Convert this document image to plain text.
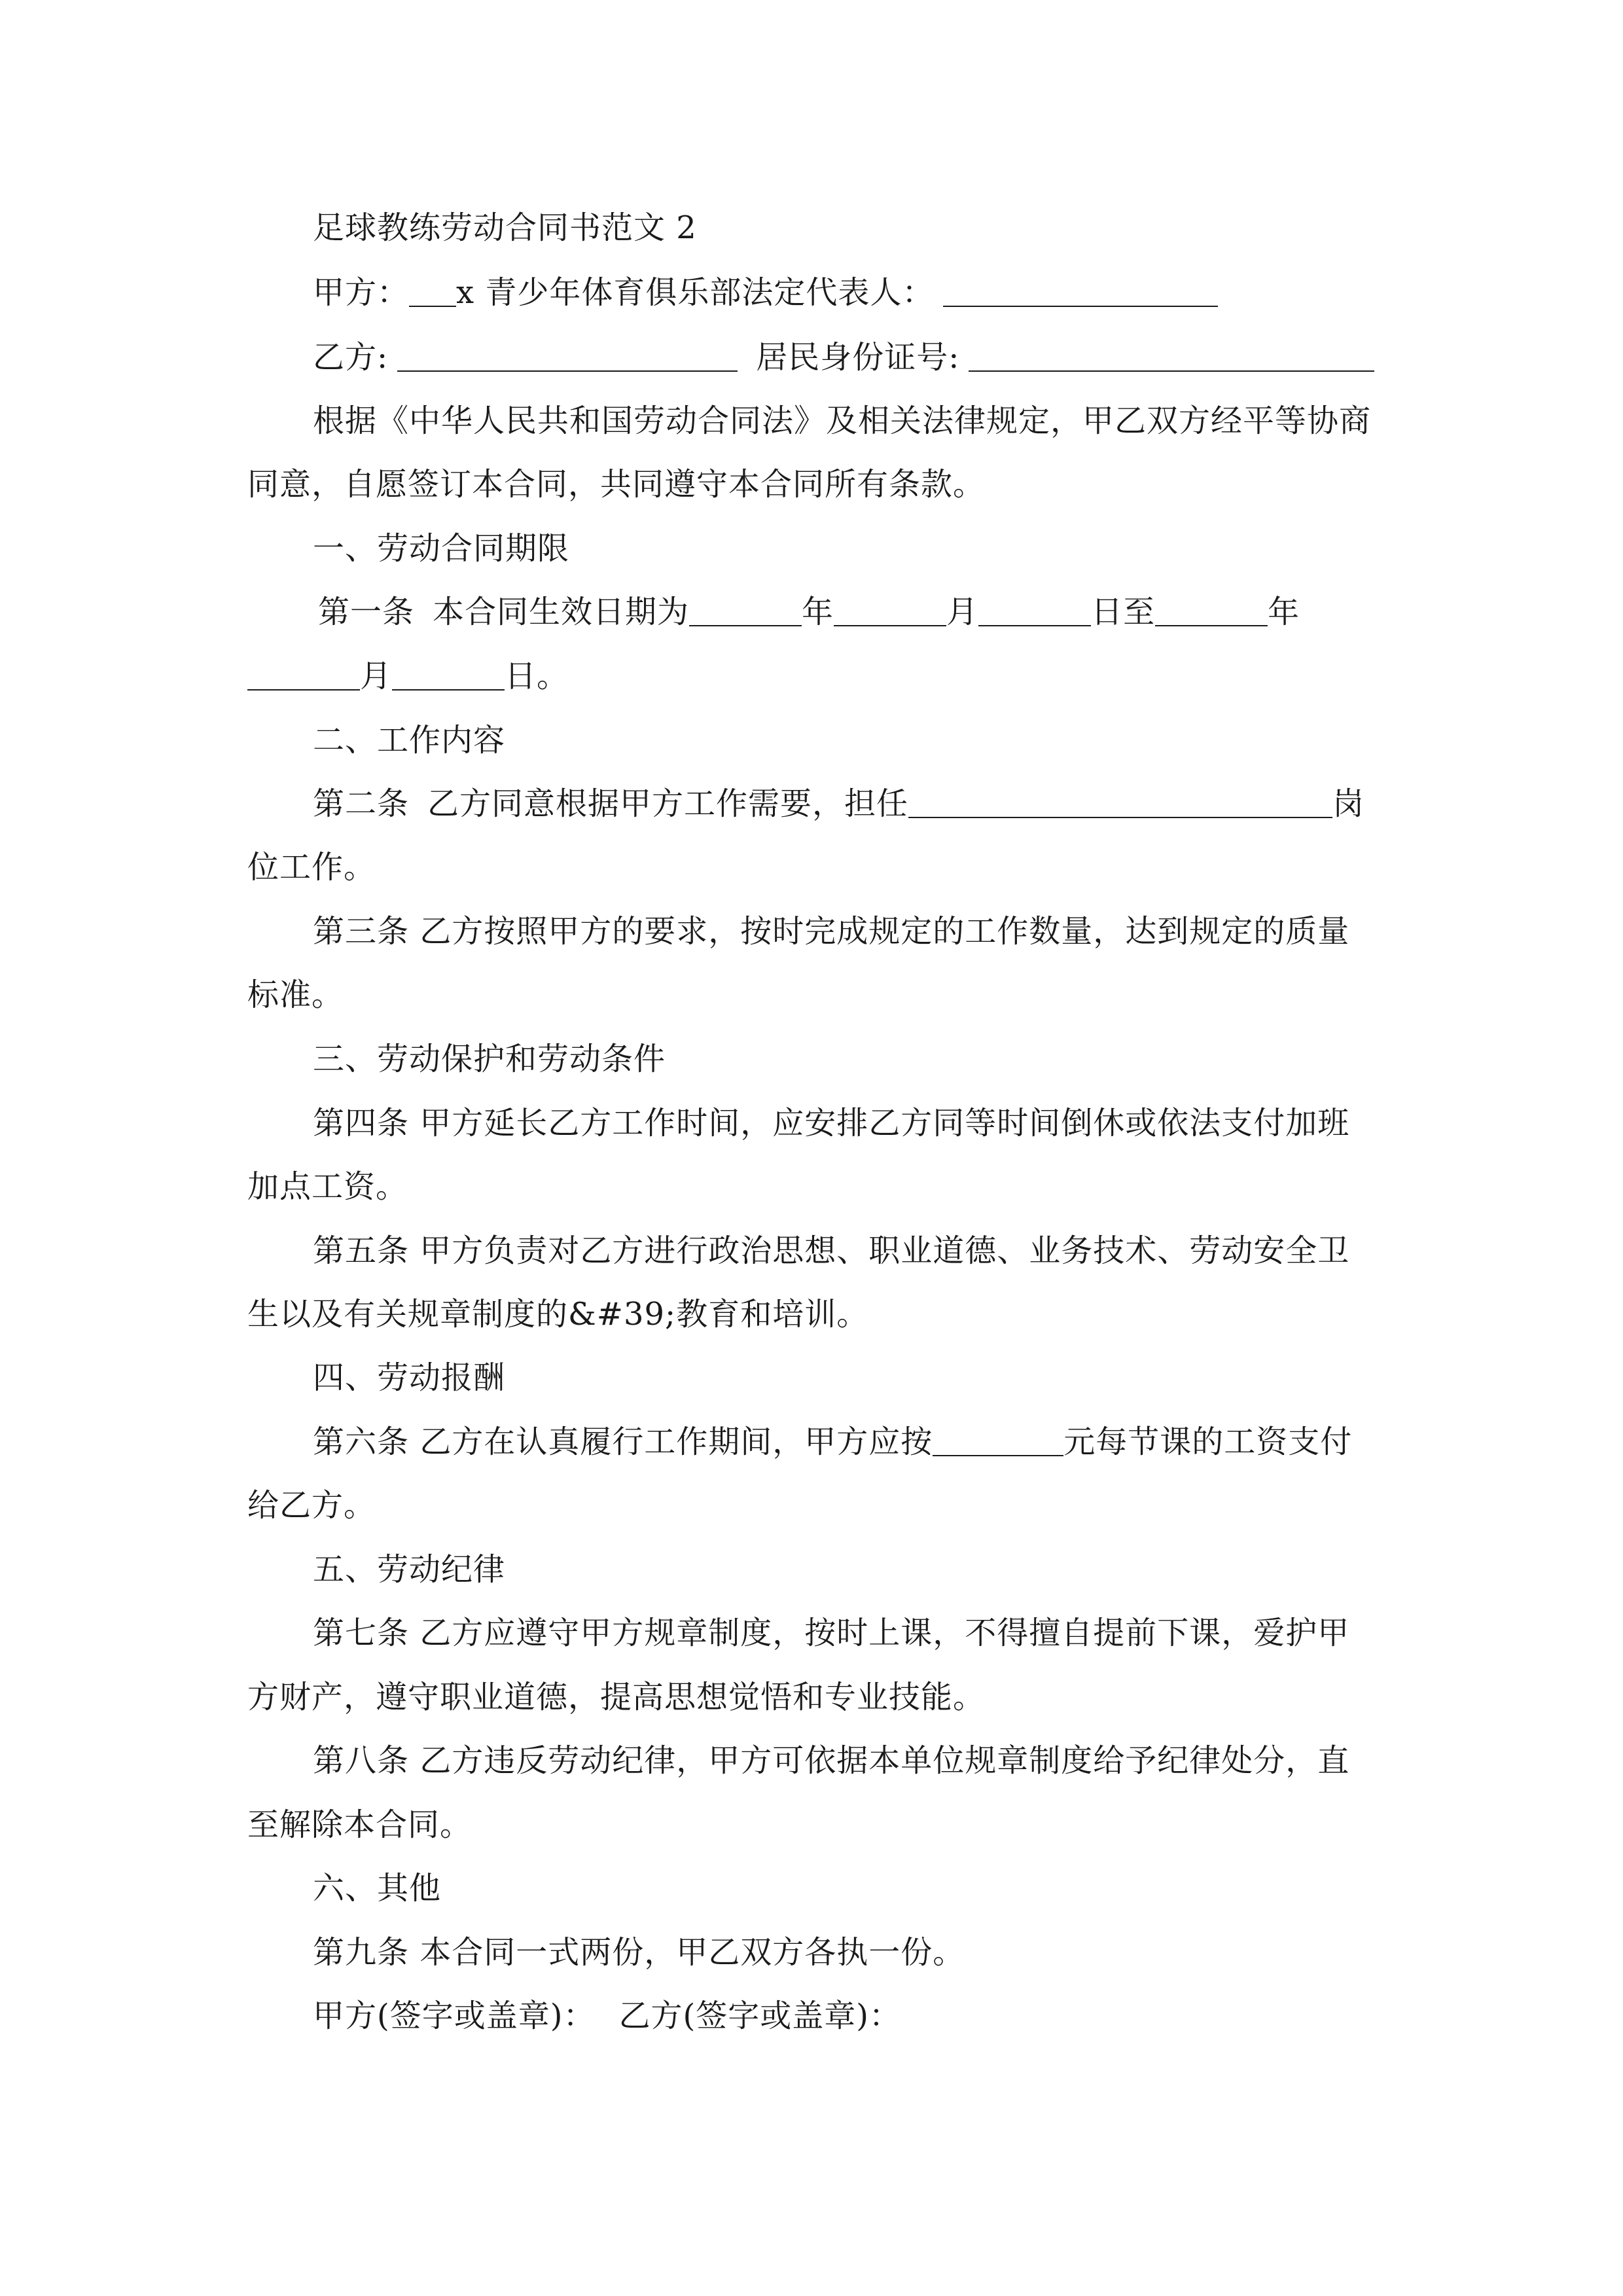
足球教练劳动合同书范文 2
甲方： x 青少年体育俱乐部法定代表人：
乙方:	居民身份证号:
根据《中华人民共和国劳动合同法》及相关法律规定，甲乙双方经平等协商
同意，自愿签订本合同，共同遵守本合同所有条款。
一、劳动合同期限
第一条 本合同生效日期为	年	月	日至	年
月	日。
二、工作内容
第二条 乙方同意根据甲方工作需要，担任	岗
位工作。
第三条 乙方按照甲方的要求，按时完成规定的工作数量，达到规定的质量
标准。
三、劳动保护和劳动条件
第四条 甲方延长乙方工作时间，应安排乙方同等时间倒休或依法支付加班
加点工资。
第五条 甲方负责对乙方进行政治思想、职业道德、业务技术、劳动安全卫
生以及有关规章制度的&#39;教育和培训。
四、劳动报酬
第六条 乙方在认真履行工作期间，甲方应按	元每节课的工资支付
给乙方。
五、劳动纪律
第七条 乙方应遵守甲方规章制度，按时上课，不得擅自提前下课，爱护甲
方财产，遵守职业道德，提高思想觉悟和专业技能。
第八条 乙方违反劳动纪律，甲方可依据本单位规章制度给予纪律处分，直
至解除本合同。
六、其他
第九条 本合同一式两份，甲乙双方各执一份。
甲方(签字或盖章)： 乙方(签字或盖章)：
